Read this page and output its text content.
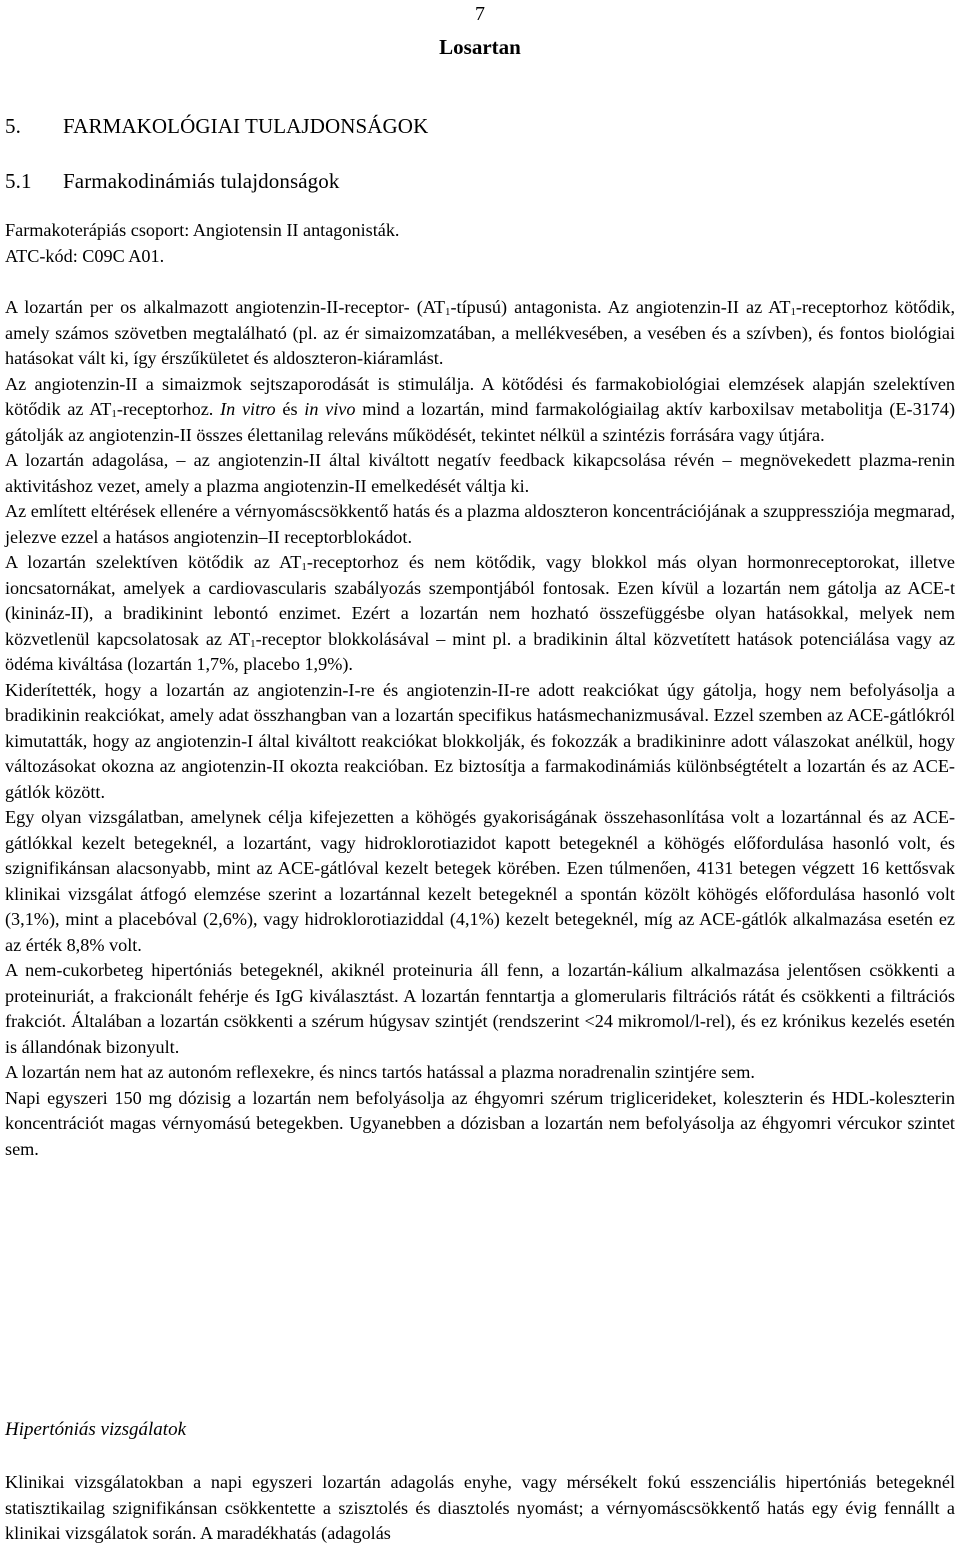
7
Losartan
5. FARMAKOLÓGIAI TULAJDONSÁGOK
5.1 Farmakodinámiás tulajdonságok

Farmakoterápiás csoport: Angiotensin II antagonisták.

ATC-kód: C09C A01.

A lozartán per os alkalmazott angiotenzin-II-receptor- $(AT_1-típusú)$ antagonista. Az angiotenzin-II az $AT_1$-receptorhoz kötődik, amely számos szövetben megtalálható (pl. az ér simaizomzatában, a mellékvesében, a vesében és a szívben), és fontos biológiai hatásokat vált ki, így érszűkületet és aldoszteron-kiáramlást.

Az angiotenzin-II a simaizmok sejtszaporodását is stimulálja. A kötődési és farmakobiológiai elemzések alapján szelektíven kötődik az $AT_1$-receptorhoz. In vitro és in vivo mind a lozartán, mind farmakológiailag aktív karboxilsav metabolitja (E-3174) gátolják az angiotenzin-II összes élettanilag releváns működését, tekintet nélkül a szintézis forrására vagy útjára.

A lozartán adagolása, – az angiotenzin-II által kiváltott negatív feedback kikapcsolása révén – megnövekedett plazma-renin aktivitáshoz vezet, amely a plazma angiotenzin-II emelkedését váltja ki.

Az említett eltérések ellenére a vérnyomáscsökkentő hatás és a plazma aldoszteron koncentrációjának a szuppressziója megmarad, jelezve ezzel a hatásos angiotenzin–II receptorblokádot.

A lozartán szelektíven kötődik az $AT_1$-receptorhoz és nem kötődik, vagy blokkol más olyan hormonreceptorokat, illetve ioncsatornákat, amelyek a cardiovascularis szabályozás szempontjából fontosak. Ezen kívül a lozartán nem gátolja az ACE-t (kinináz-II), a bradikinint lebontó enzimet. Ezért a lozartán nem hozható összefüggésbe olyan hatásokkal, melyek nem közvetlenül kapcsolatosak az $AT_1$-receptor blokkolásával – mint pl. a bradikinin által közvetített hatások potenciálása vagy az ödéma kiváltása (lozartán 1,7%, placebo 1,9%).

Kiderítették, hogy a lozartán az angiotenzin-I-re és angiotenzin-II-re adott reakciókat úgy gátolja, hogy nem befolyásolja a bradikinin reakciókat, amely adat összhangban van a lozartán specifikus hatásmechanizmusával. Ezzel szemben az ACE-gátlókról kimutatták, hogy az angiotenzin-I által kiváltott reakciókat blokkolják, és fokozzák a bradikininre adott válaszokat anélkül, hogy változásokat okozna az angiotenzin-II okozta reakcióban. Ez biztosítja a farmakodinámiás különbségtételt a lozartán és az ACE-gátlók között.

Egy olyan vizsgálatban, amelynek célja kifejezetten a köhögés gyakoriságának összehasonlítása volt a lozartánnal és az ACE-gátlókkal kezelt betegeknél, a lozartánt, vagy hidroklorotiazidot kapott betegeknél a köhögés előfordulása hasonló volt, és szignifikánsan alacsonyabb, mint az ACE-gátlóval kezelt betegek körében. Ezen túlmenően, 4131 betegen végzett 16 kettősvak klinikai vizsgálat átfogó elemzése szerint a lozartánnal kezelt betegeknél a spontán közölt köhögés előfordulása hasonló volt (3,1%), mint a placebóval (2,6%), vagy hidroklorotiaziddal (4,1%) kezelt betegeknél, míg az ACE-gátlók alkalmazása esetén ez az érték 8,8% volt.

A nem-cukorbeteg hipertóniás betegeknél, akiknél proteinuria áll fenn, a lozartán-kálium alkalmazása jelentősen csökkenti a proteinuriát, a frakcionált fehérje és IgG kiválasztást. A lozartán fenntartja a glomerularis filtrációs rátát és csökkenti a filtrációs frakciót. Általában a lozartán csökkenti a szérum húgysav szintjét (rendszerint <24 mikromol/l-rel), és ez krónikus kezelés esetén is állandónak bizonyult.

A lozartán nem hat az autonóm reflexekre, és nincs tartós hatással a plazma noradrenalin szintjére sem.

Napi egyszeri 150 mg dózisig a lozartán nem befolyásolja az éhgyomri szérum triglicerideket, koleszterin és HDL-koleszterin koncentrációt magas vérnyomású betegekben. Ugyanebben a dózisban a lozartán nem befolyásolja az éhgyomri vércukor szintet sem.

Hipertóniás vizsgálatok

Klinikai vizsgálatokban a napi egyszeri lozartán adagolás enyhe, vagy mérsékelt fokú esszenciális hipertóniás betegeknél statisztikailag szignifikánsan csökkentette a szisztolés és diasztolés nyomást; a vérnyomáscsökkentő hatás egy évig fennállt a klinikai vizsgálatok során. A maradékhatás (adagolás
